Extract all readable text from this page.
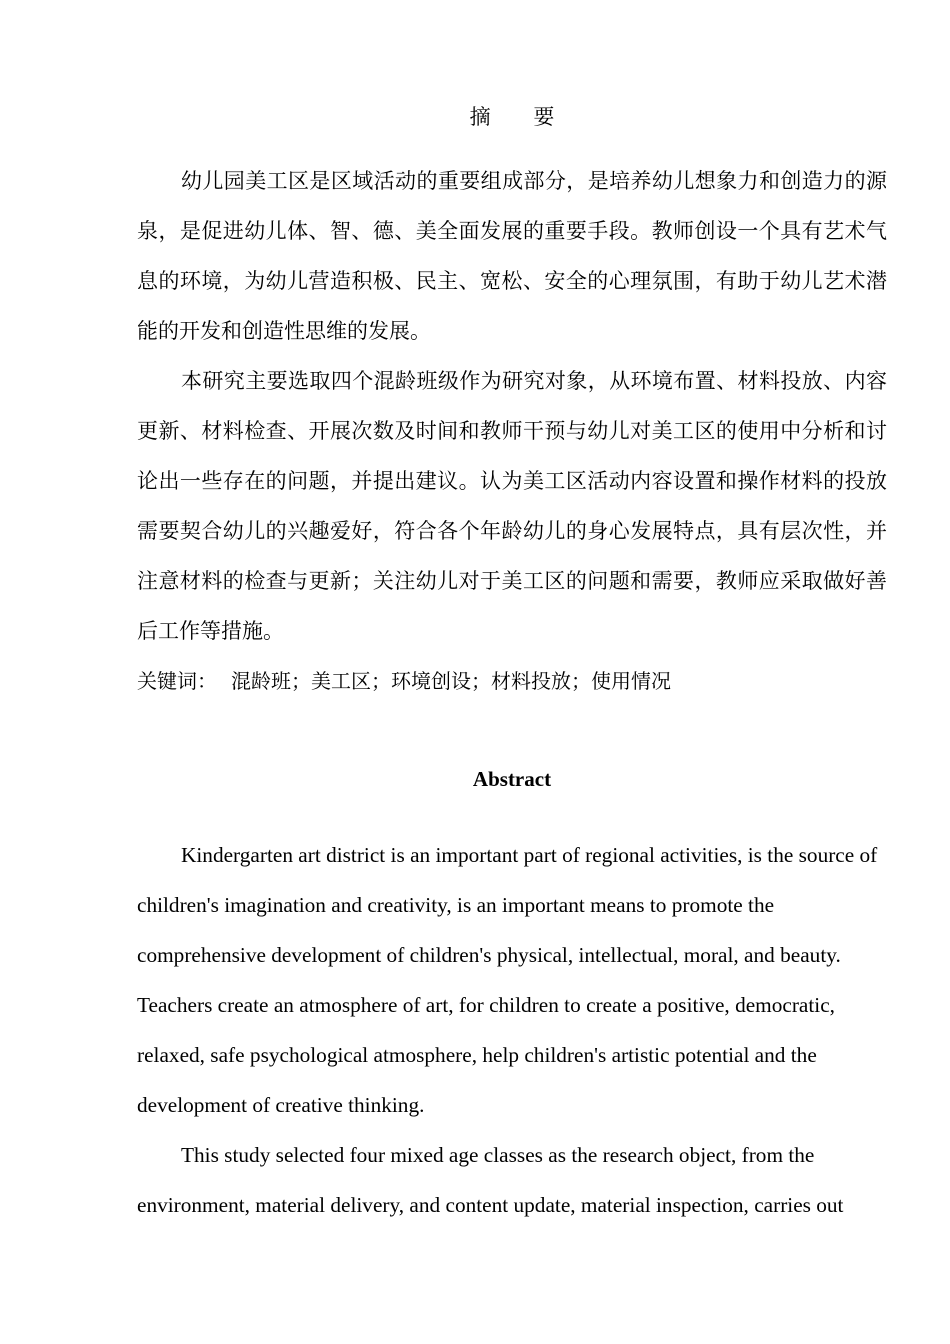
摘 要

幼儿园美工区是区域活动的重要组成部分，是培养幼儿想象力和创造力的源泉，是促进幼儿体、智、德、美全面发展的重要手段。教师创设一个具有艺术气息的环境，为幼儿营造积极、民主、宽松、安全的心理氛围，有助于幼儿艺术潜能的开发和创造性思维的发展。

本研究主要选取四个混龄班级作为研究对象，从环境布置、材料投放、内容更新、材料检查、开展次数及时间和教师干预与幼儿对美工区的使用中分析和讨论出一些存在的问题，并提出建议。认为美工区活动内容设置和操作材料的投放需要契合幼儿的兴趣爱好，符合各个年龄幼儿的身心发展特点，具有层次性，并注意材料的检查与更新；关注幼儿对于美工区的问题和需要，教师应采取做好善后工作等措施。

关键词： 混龄班；美工区；环境创设；材料投放；使用情况

Abstract

Kindergarten art district is an important part of regional activities, is the source of children's imagination and creativity, is an important means to promote the comprehensive development of children's physical, intellectual, moral, and beauty. Teachers create an atmosphere of art, for children to create a positive, democratic, relaxed, safe psychological atmosphere, help children's artistic potential and the development of creative thinking.

This study selected four mixed age classes as the research object, from the environment, material delivery, and content update, material inspection, carries out
